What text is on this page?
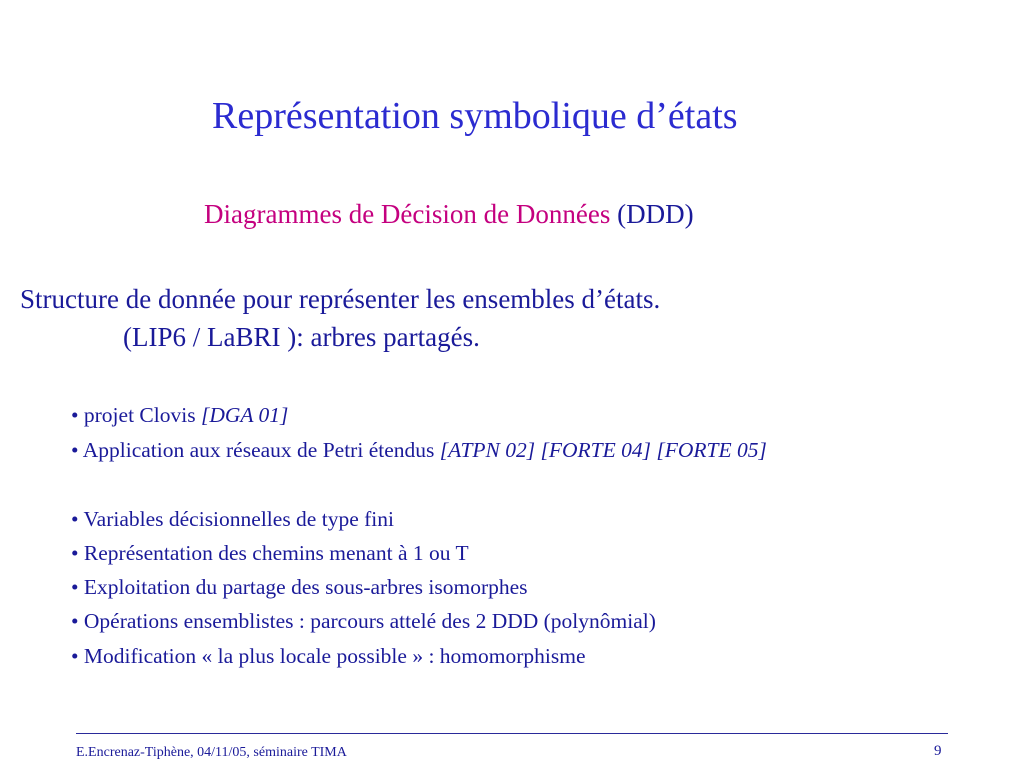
Représentation symbolique d’états
Diagrammes de Décision de Données (DDD)
Structure de donnée pour représenter les ensembles d’états.
(LIP6 / LaBRI ): arbres partagés.
• projet Clovis [DGA 01]
• Application aux réseaux de Petri étendus [ATPN 02] [FORTE 04] [FORTE 05]
• Variables décisionnelles de type fini
• Représentation des chemins menant à 1 ou T
• Exploitation du partage des sous-arbres isomorphes
• Opérations ensemblistes : parcours attelé des 2 DDD (polynômial)
• Modification « la plus locale possible » : homomorphisme
E.Encrenaz-Tiphène, 04/11/05, séminaire TIMA	9
